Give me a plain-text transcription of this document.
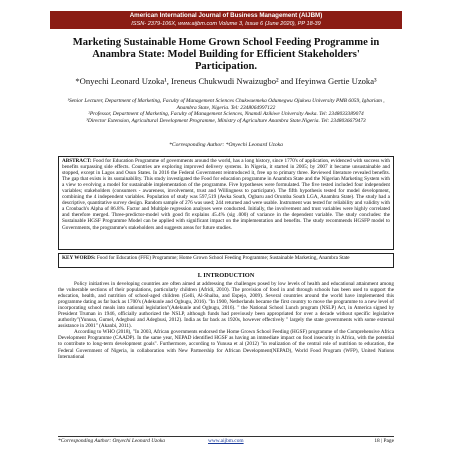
American International Journal of Business Management (AIJBM)
ISSN- 2379-106X, www.aijbm.com Volume 3, Issue 6 (June 2020), PP 18-39
Marketing Sustainable Home Grown School Feeding Programme in Anambra State: Model Building for Efficient Stakeholders' Participation.
*Onyechi Leonard Uzoka¹, Ireneus Chukwudi Nwaizugbo² and Ifeyinwa Gertie Uzoka³
¹Senior Lecturer, Department of Marketing, Faculty of Management Sciences Chukwuemeka Odumegwu Ojukwu University PMB 6059, Igbariam , Anambra State, Nigeria. Tel: 2348064997122
²Professor, Department of Marketing, Faculty of Management Sciences, Nnamdi Azikiwe University Awka. Tel: 2348033389074
³Director Extension, Agricultural Development Programme, Ministry of Agriculture Anambra State.Nigeria. Tel: 2348036679473
*Corresponding Author: *Onyechi Leonard Uzoka
ABSTRACT: Food for Education Programme of governments around the world, has a long history, since 1770's of application, evidenced with success with benefits surpassing side effects. Countries are exploring improved delivery systems. In Nigeria, it started in 2005; by 2007 it became unsustainable and stopped, except in Lagos and Osun States. In 2016 the Federal Government reintroduced it, free up to primary three. Reviewed literature revealed benefits. The gap that exists is its sustainability. This study investigated the Food for education programme in Anambra State and the Nigerian Marketing System with a view to evolving a model for sustainable implementation of the programme. Five hypotheses were formulated. The five tested included four independent variables; stakeholders (consumers - awareness, involvement, trust and Willingness to participate). The fifth hypothesis tested for model development, combining the 4 independent variables. Population of study was 597,519 (Awka South, Ogbaru and Orumba South LGA, Anambra State). The study had a descriptive, quantitative survey design. Random sample of 276 was used; 244 returned and were usable. Instrument was tested for reliability and validity with a Cronbach's Alpha of 86.8%. Factor and Multiple regression analyses were conducted. Initially, the involvement and trust variables were highly correlated and therefore merged. Three-predictor-model with good fit explains 45.4% (sig .000) of variance in the dependent variable. The study concludes: the Sustainable HGSF Programme Model can be applied with significant impact on the implementation and benefits. The study recommends HGSFP model to Governments, the programme's stakeholders and suggests areas for future studies.
KEY WORDS: Food for Education (FFE) Programme; Home Grown School Feeding Programme; Sustainable Marketing, Anambra State
I. INTRODUCTION

Policy initiatives in developing countries are often aimed at addressing the challenges posed by low levels of health and educational attainment among the vulnerable sections of their populations, particularly children (Afridi, 2010). The provision of food in and through schools has been used to support the education, health, and nutrition of school-aged children (Gelli, Al-Shaiba, and Espejo, 2009). Several countries around the world have implemented this programme dating as far back as 1700's (Adekunle and Ogbugu, 2016). "In 1900, Netherlands became the first country to move the programme to a new level of incorporating school meals into national legislation"(Adekunle and Ogbugu, 2016). " the National School Lunch program (NSLP) Act, in America signed by President Truman in 1946, officially authorized the NSLP, although funds had previously been appropriated for over a decade without specific legislative authority"(Yunusa, Gumel, Adegbusi and Adegbusi, 2012). India as far back as 1920s, however effectively " largely the state governments with some external assistance in 2001" (Akanbi, 2011).

According to WHO (2018), "In 2003, African governments endorsed the Home Grown School Feeding (HGSF) programme of the Comprehensive Africa Development Programme (CAADP). In the same year, NEPAD identified HGSF as having an immediate impact on food insecurity in Africa, with the potential to contribute to long-term development goals". Furthermore, according to Yunusa et al (2012) "in realization of the central role of nutrition to education, the Federal Government of Nigeria, in collaboration with New Partnership for African Development(NEPAD), World Food Program (WFP), United Nations International

*Corresponding Author: Onyechi Leonard Uzoka	www.aijbm.com	18 | Page
